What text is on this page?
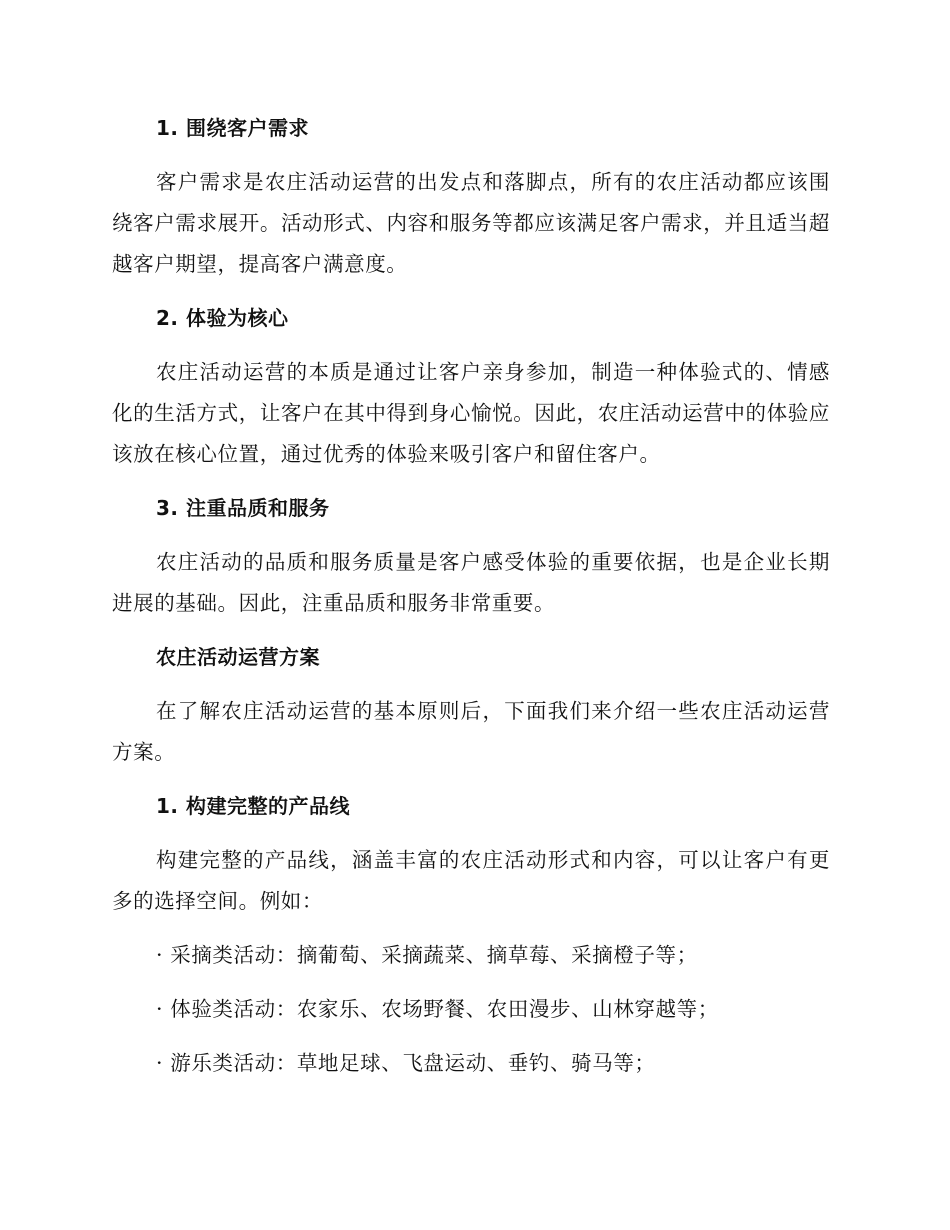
1. 围绕客户需求

客户需求是农庄活动运营的出发点和落脚点，所有的农庄活动都应该围绕客户需求展开。活动形式、内容和服务等都应该满足客户需求，并且适当超越客户期望，提高客户满意度。

2. 体验为核心

农庄活动运营的本质是通过让客户亲身参加，制造一种体验式的、情感化的生活方式，让客户在其中得到身心愉悦。因此，农庄活动运营中的体验应该放在核心位置，通过优秀的体验来吸引客户和留住客户。

3. 注重品质和服务

农庄活动的品质和服务质量是客户感受体验的重要依据，也是企业长期进展的基础。因此，注重品质和服务非常重要。

农庄活动运营方案

在了解农庄活动运营的基本原则后，下面我们来介绍一些农庄活动运营方案。

1. 构建完整的产品线

构建完整的产品线，涵盖丰富的农庄活动形式和内容，可以让客户有更多的选择空间。例如：

· 采摘类活动：摘葡萄、采摘蔬菜、摘草莓、采摘橙子等；

· 体验类活动：农家乐、农场野餐、农田漫步、山林穿越等；

· 游乐类活动：草地足球、飞盘运动、垂钓、骑马等；
